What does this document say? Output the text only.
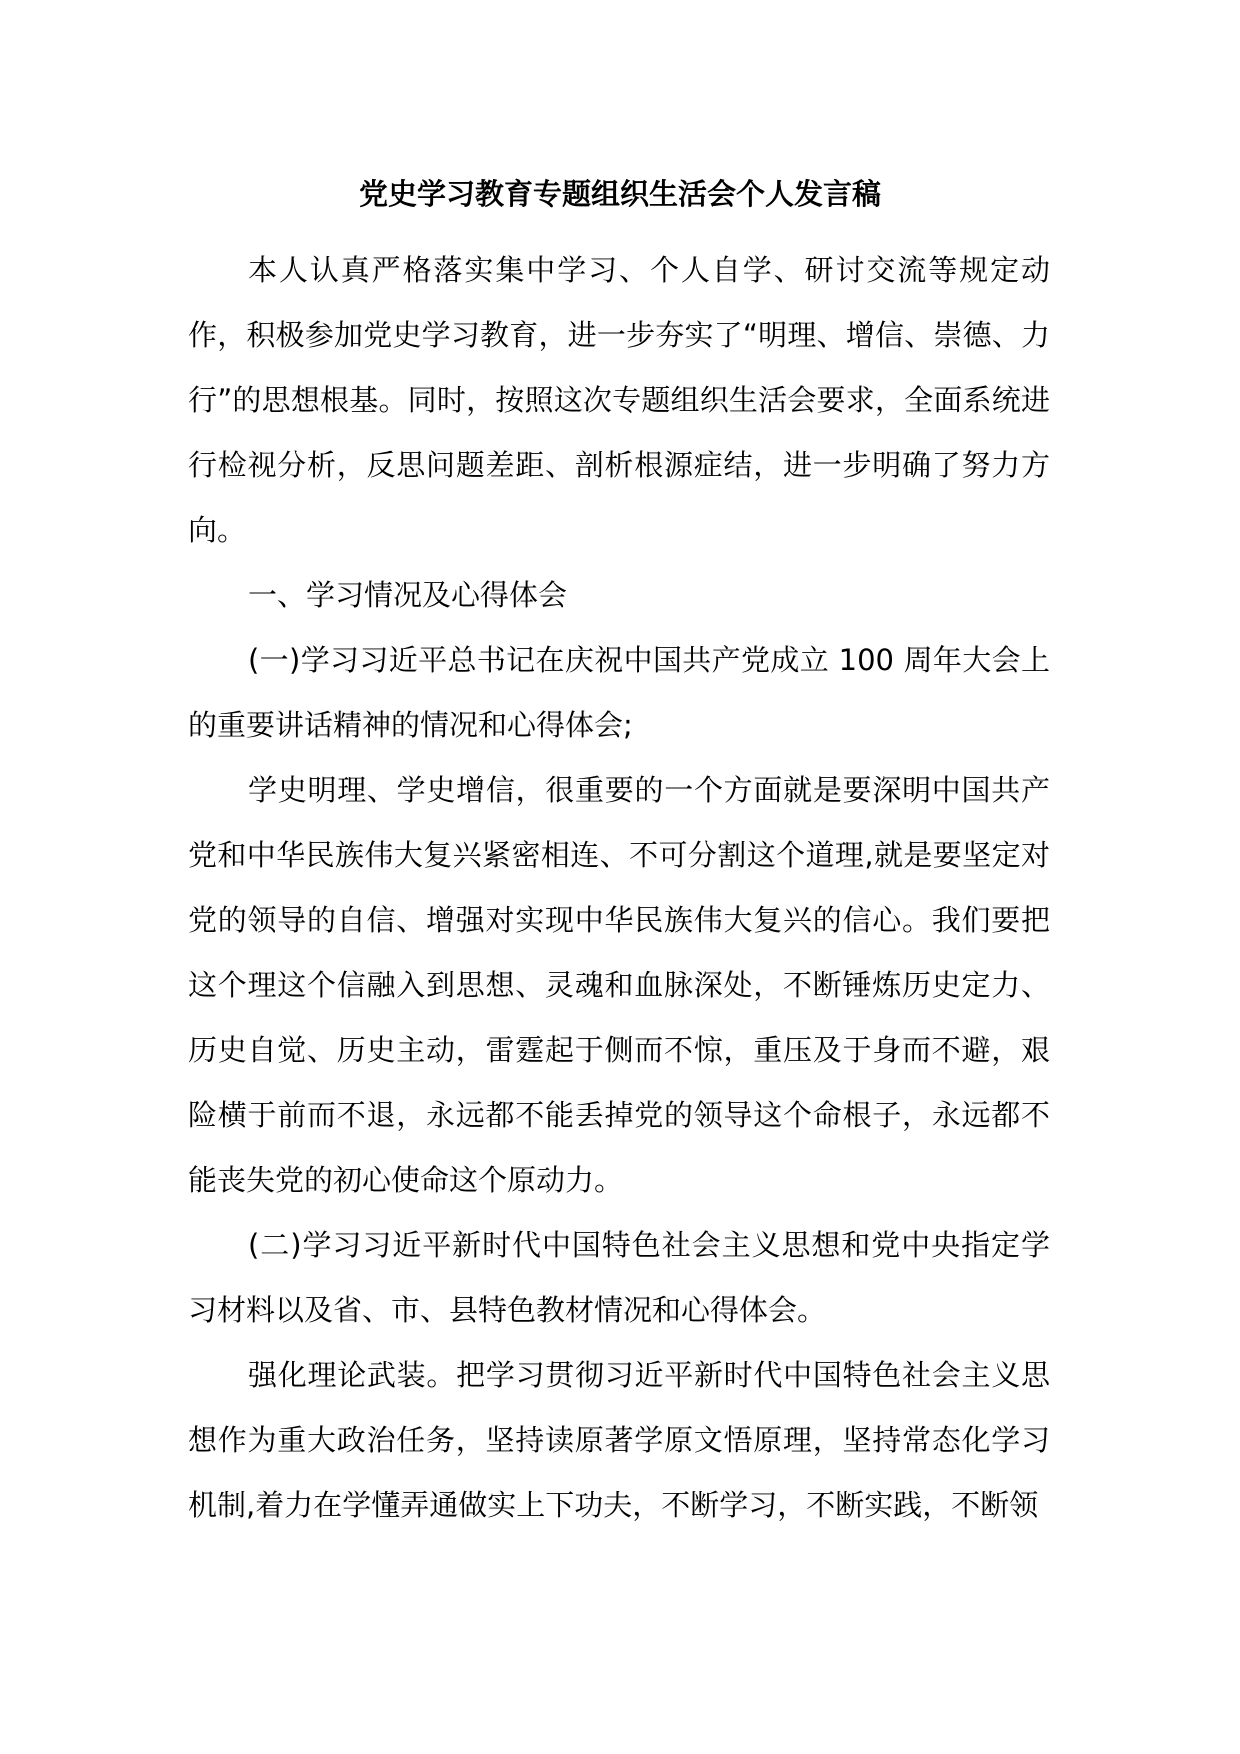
党史学习教育专题组织生活会个人发言稿

本人认真严格落实集中学习、个人自学、研讨交流等规定动作，积极参加党史学习教育，进一步夯实了“明理、增信、崇德、力行”的思想根基。同时，按照这次专题组织生活会要求，全面系统进行检视分析，反思问题差距、剖析根源症结，进一步明确了努力方向。

一、学习情况及心得体会

(一)学习习近平总书记在庆祝中国共产党成立 100 周年大会上的重要讲话精神的情况和心得体会;

学史明理、学史增信，很重要的一个方面就是要深明中国共产党和中华民族伟大复兴紧密相连、不可分割这个道理,就是要坚定对党的领导的自信、增强对实现中华民族伟大复兴的信心。我们要把这个理这个信融入到思想、灵魂和血脉深处，不断锤炼历史定力、历史自觉、历史主动，雷霆起于侧而不惊，重压及于身而不避，艰险横于前而不退，永远都不能丢掉党的领导这个命根子，永远都不能丧失党的初心使命这个原动力。

(二)学习习近平新时代中国特色社会主义思想和党中央指定学习材料以及省、市、县特色教材情况和心得体会。

强化理论武装。把学习贯彻习近平新时代中国特色社会主义思想作为重大政治任务，坚持读原著学原文悟原理，坚持常态化学习机制,着力在学懂弄通做实上下功夫，不断学习，不断实践，不断领
